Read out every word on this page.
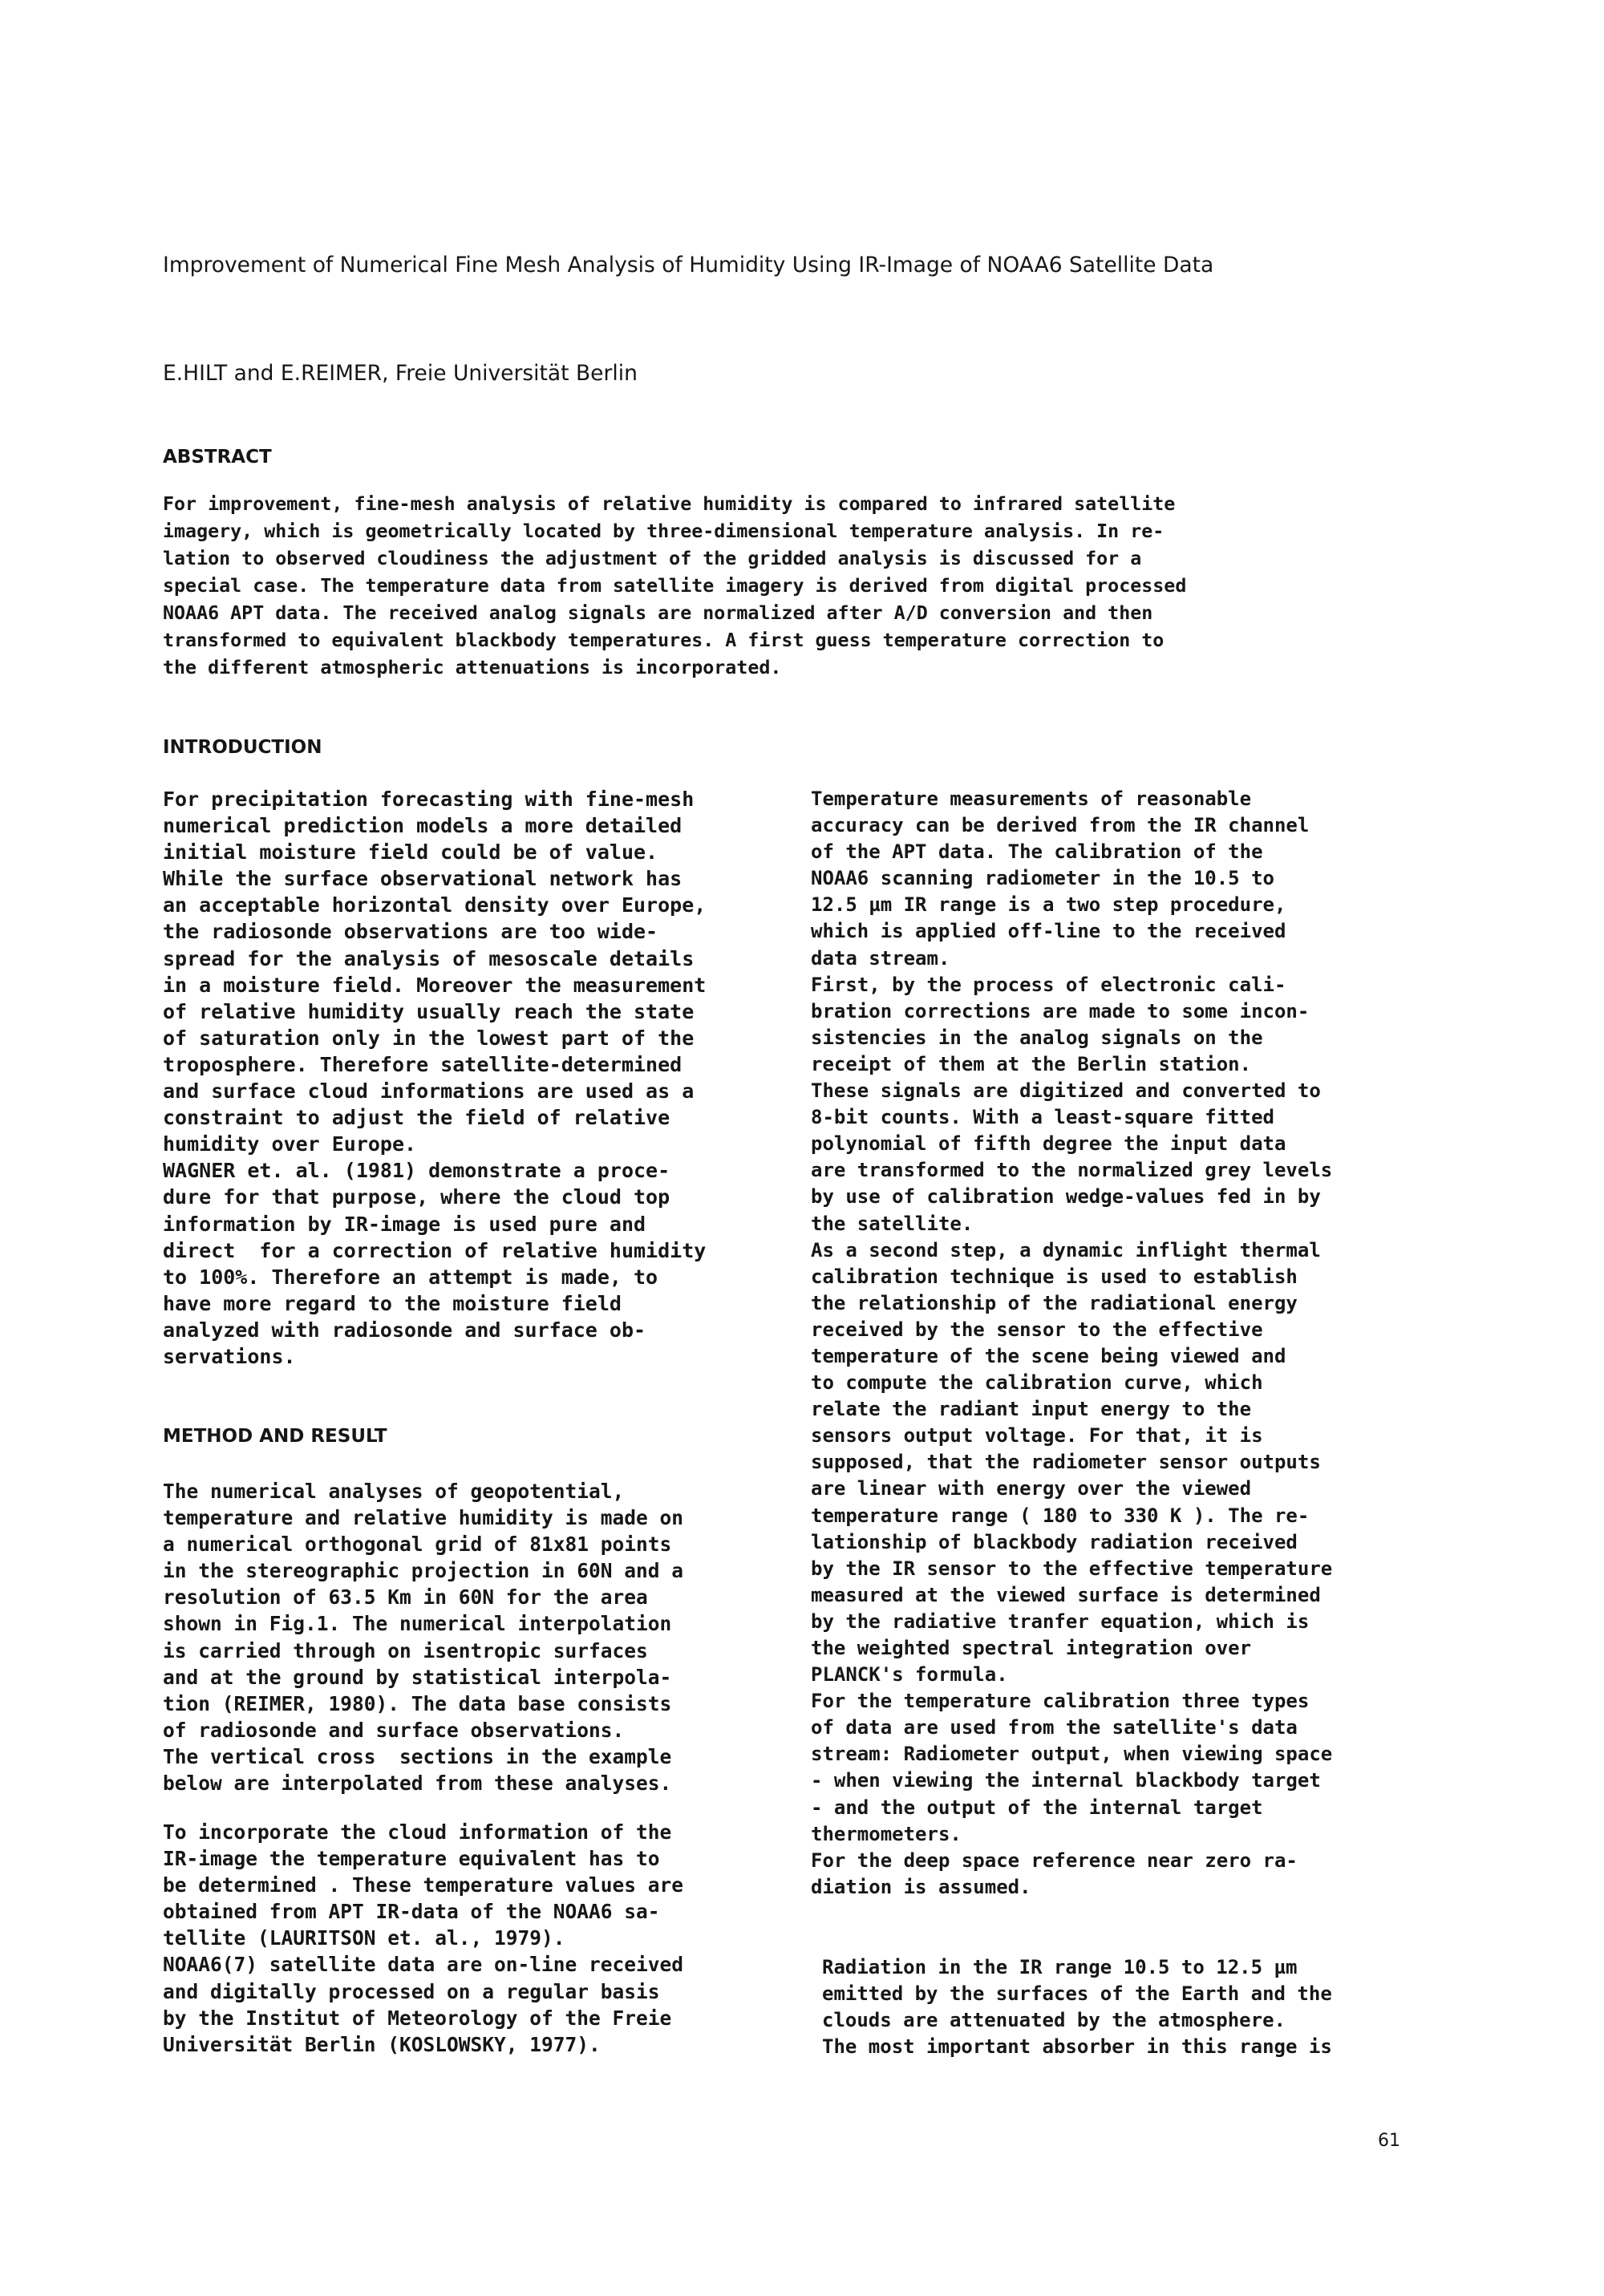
Improvement of Numerical Fine Mesh Analysis of Humidity Using IR-Image of NOAA6 Satellite Data

E.HILT and E.REIMER, Freie Universität Berlin

ABSTRACT

For improvement, fine-mesh analysis of relative humidity is compared to infrared satellite
imagery, which is geometrically located by three-dimensional temperature analysis. In re-
lation to observed cloudiness the adjustment of the gridded analysis is discussed for a
special case. The temperature data from satellite imagery is derived from digital processed
NOAA6 APT data. The received analog signals are normalized after A/D conversion and then
transformed to equivalent blackbody temperatures. A first guess temperature correction to
the different atmospheric attenuations is incorporated.

INTRODUCTION

For precipitation forecasting with fine-mesh
numerical prediction models a more detailed
initial moisture field could be of value.
While the surface observational network has
an acceptable horizontal density over Europe,
the radiosonde observations are too wide-
spread for the analysis of mesoscale details
in a moisture field. Moreover the measurement
of relative humidity usually reach the state
of saturation only in the lowest part of the
troposphere. Therefore satellite-determined
and surface cloud informations are used as a
constraint to adjust the field of relative
humidity over Europe.
WAGNER et. al. (1981) demonstrate a proce-
dure for that purpose, where the cloud top
information by IR-image is used pure and
direct  for a correction of relative humidity
to 100%. Therefore an attempt is made, to
have more regard to the moisture field
analyzed with radiosonde and surface ob-
servations.

METHOD AND RESULT

The numerical analyses of geopotential,
temperature and relative humidity is made on
a numerical orthogonal grid of 81x81 points
in the stereographic projection in 60N and a
resolution of 63.5 Km in 60N for the area
shown in Fig.1. The numerical interpolation
is carried through on isentropic surfaces
and at the ground by statistical interpola-
tion (REIMER, 1980). The data base consists
of radiosonde and surface observations.
The vertical cross  sections in the example
below are interpolated from these analyses.

To incorporate the cloud information of the
IR-image the temperature equivalent has to
be determined . These temperature values are
obtained from APT IR-data of the NOAA6 sa-
tellite (LAURITSON et. al., 1979).
NOAA6(7) satellite data are on-line received
and digitally processed on a regular basis
by the Institut of Meteorology of the Freie
Universität Berlin (KOSLOWSKY, 1977).

Temperature measurements of reasonable
accuracy can be derived from the IR channel
of the APT data. The calibration of the
NOAA6 scanning radiometer in the 10.5 to
12.5 µm IR range is a two step procedure,
which is applied off-line to the received
data stream.
First, by the process of electronic cali-
bration corrections are made to some incon-
sistencies in the analog signals on the
receipt of them at the Berlin station.
These signals are digitized and converted to
8-bit counts. With a least-square fitted
polynomial of fifth degree the input data
are transformed to the normalized grey levels
by use of calibration wedge-values fed in by
the satellite.
As a second step, a dynamic inflight thermal
calibration technique is used to establish
the relationship of the radiational energy
received by the sensor to the effective
temperature of the scene being viewed and
to compute the calibration curve, which
relate the radiant input energy to the
sensors output voltage. For that, it is
supposed, that the radiometer sensor outputs
are linear with energy over the viewed
temperature range ( 180 to 330 K ). The re-
lationship of blackbody radiation received
by the IR sensor to the effective temperature
measured at the viewed surface is determined
by the radiative tranfer equation, which is
the weighted spectral integration over
PLANCK's formula.
For the temperature calibration three types
of data are used from the satellite's data
stream: Radiometer output, when viewing space
- when viewing the internal blackbody target
- and the output of the internal target
thermometers.
For the deep space reference near zero ra-
diation is assumed.

Radiation in the IR range 10.5 to 12.5 µm
emitted by the surfaces of the Earth and the
clouds are attenuated by the atmosphere.
The most important absorber in this range is

61
